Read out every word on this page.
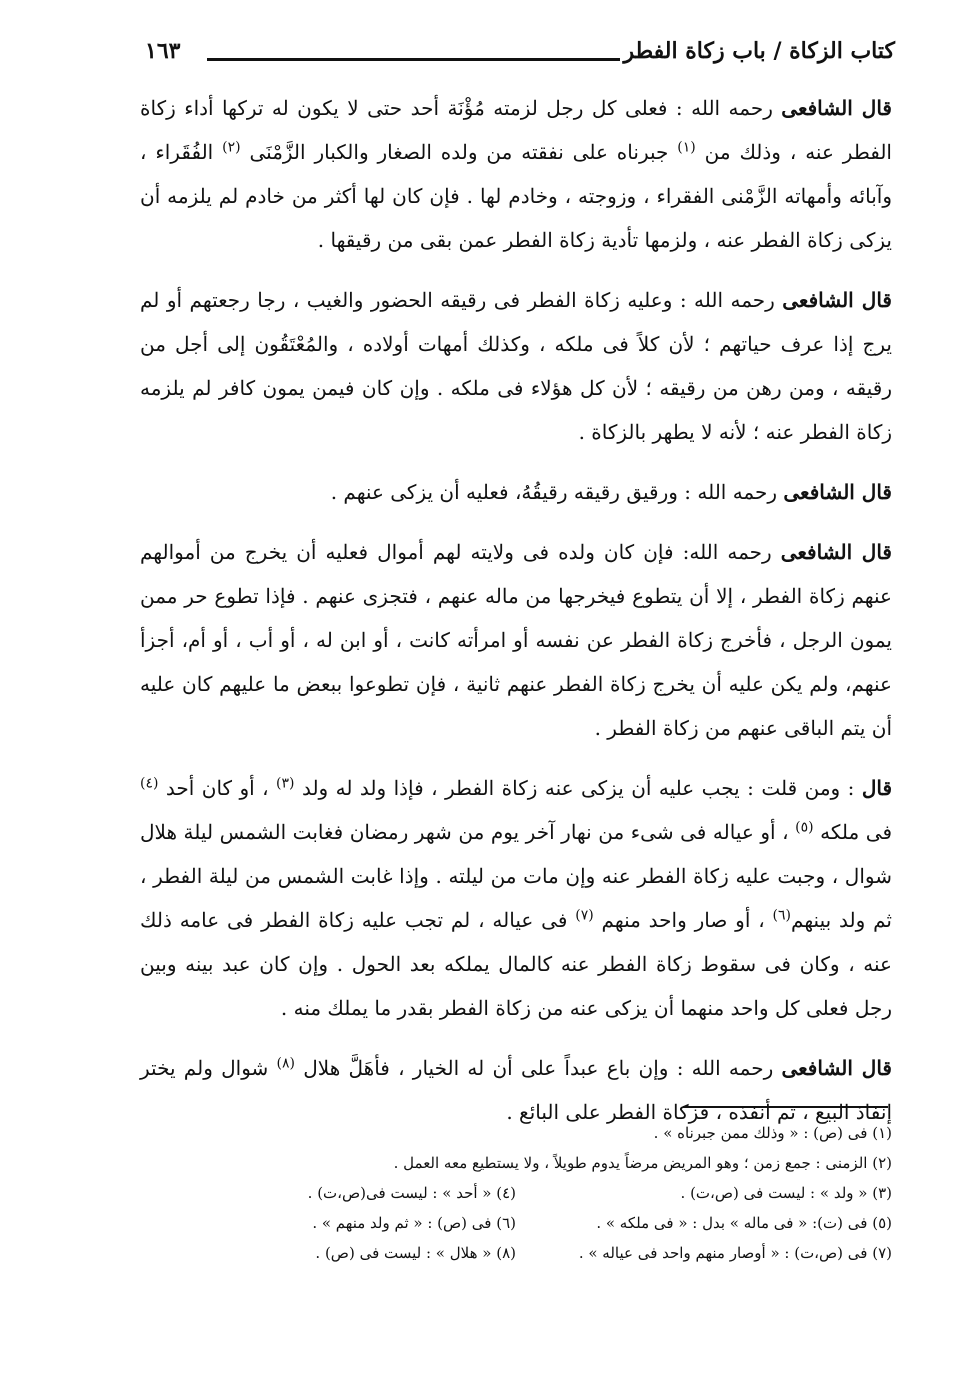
كتاب الزكاة / باب زكاة الفطر
١٦٣

قال الشافعى رحمه الله : فعلى كل رجل لزمته مُؤْنَة أحد حتى لا يكون له تركها أداء زكاة الفطر عنه ، وذلك من $^{(١)}$ جبرناه على نفقته من ولده الصغار والكبار الزَّمْنَى $^{(٢)}$ الفُقَراء ، وآبائه وأمهاته الزَّمْنى الفقراء ، وزوجته ، وخادم لها . فإن كان لها أكثر من خادم لم يلزمه أن يزكى زكاة الفطر عنه ، ولزمها تأدية زكاة الفطر عمن بقى من رقيقها .

قال الشافعى رحمه الله : وعليه زكاة الفطر فى رقيقه الحضور والغيب ، رجا رجعتهم أو لم يرج إذا عرف حياتهم ؛ لأن كلاً فى ملكه ، وكذلك أمهات أولاده ، والمُعْتَقُون إلى أجل من رقيقه ، ومن رهن من رقيقه ؛ لأن كل هؤلاء فى ملكه . وإن كان فيمن يمون كافر لم يلزمه زكاة الفطر عنه ؛ لأنه لا يطهر بالزكاة .

قال الشافعى رحمه الله : ورقيق رقيقه رقيقُهُ، فعليه أن يزكى عنهم .

قال الشافعى رحمه الله: فإن كان ولده فى ولايته لهم أموال فعليه أن يخرج من أموالهم عنهم زكاة الفطر ، إلا أن يتطوع فيخرجها من ماله عنهم ، فتجزى عنهم . فإذا تطوع حر ممن يمون الرجل ، فأخرج زكاة الفطر عن نفسه أو امرأته كانت ، أو ابن له ، أو أب ، أو أم، أجزأ عنهم، ولم يكن عليه أن يخرج زكاة الفطر عنهم ثانية ، فإن تطوعوا ببعض ما عليهم كان عليه أن يتم الباقى عنهم من زكاة الفطر .

قال : ومن قلت : يجب عليه أن يزكى عنه زكاة الفطر ، فإذا ولد له ولد $^{(٣)}$ ، أو كان أحد $^{(٤)}$ فى ملكه $^{(٥)}$ ، أو عياله فى شىء من نهار آخر يوم من شهر رمضان فغابت الشمس ليلة هلال شوال ، وجبت عليه زكاة الفطر عنه وإن مات من ليلته . وإذا غابت الشمس من ليلة الفطر ، ثم ولد بينهم$^{(٦)}$ ، أو صار واحد منهم $^{(٧)}$ فى عياله ، لم تجب عليه زكاة الفطر فى عامه ذلك عنه ، وكان فى سقوط زكاة الفطر عنه كالمال يملكه بعد الحول . وإن كان عبد بينه وبين رجل فعلى كل واحد منهما أن يزكى عنه من زكاة الفطر بقدر ما يملك منه .

قال الشافعى رحمه الله : وإن باع عبداً على أن له الخيار ، فأهَلَّ هلال $^{(٨)}$ شوال ولم يختر إنفاذ البيع ، ثم أنفذه ، فزكاة الفطر على البائع .

(١) فى (ص) : « وذلك ممن جبرناه » .
(٢) الزمنى : جمع زمن ؛ وهو المريض مرضاً يدوم طويلاً ، ولا يستطيع معه العمل .
(٣) « ولد » : ليست فى (ص،ت) .
(٤) « أحد » : ليست فى(ص،ت) .
(٥) فى (ت): « فى ماله » بدل : « فى ملكه » .
(٦) فى (ص) : « ثم ولد منهم » .
(٧) فى (ص،ت) : « أوصار منهم واحد فى عياله » .
(٨) « هلال » : ليست فى (ص) .
